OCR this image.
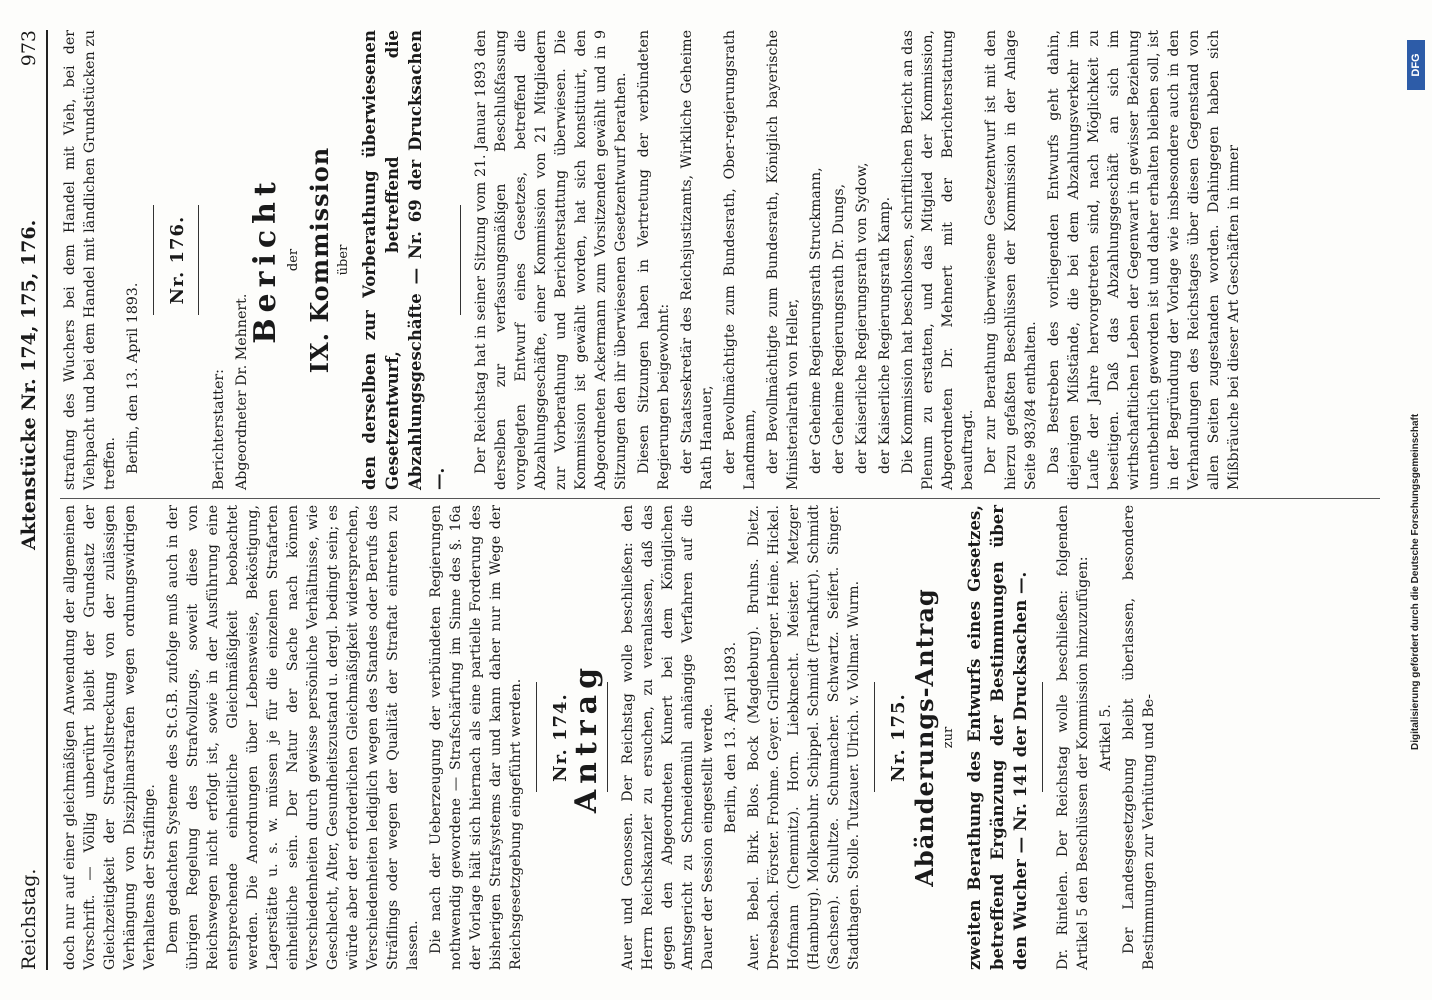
Reichstag.
Aktenstücke Nr. 174, 175, 176.
973

doch nur auf einer gleichmäßigen Anwendung der allgemeinen Vorschrift. — Völlig unberührt bleibt der Grundsatz der Gleichzeitigkeit der Strafvollstreckung von der zulässigen Verhängung von Disziplinarstrafen wegen ordnungswidrigen Verhaltens der Sträflinge. Dem gedachten Systeme des St.G.B. zufolge muß auch in der übrigen Regelung des Strafvollzugs, soweit diese von Reichswegen nicht erfolgt ist, sowie in der Ausführung eine entsprechende einheitliche Gleichmäßigkeit beobachtet werden. Die Anordnungen über Lebensweise, Beköstigung, Lagerstätte u. s. w. müssen je für die einzelnen Strafarten einheitliche sein. Der Natur der Sache nach können Verschiedenheiten durch gewisse persönliche Verhältnisse, wie Geschlecht, Alter, Gesundheitszustand u. dergl. bedingt sein; es würde aber der erforderlichen Gleichmäßigkeit widersprechen, Verschiedenheiten lediglich wegen des Standes oder Berufs des Sträflings oder wegen der Qualität der Straftat eintreten zu lassen. Die nach der Ueberzeugung der verbündeten Regierungen nothwendig gewordene — Strafschärfung im Sinne des §. 16a der Vorlage hält sich hiernach als eine partielle Forderung des bisherigen Strafsystems dar und kann daher nur im Wege der Reichsgesetzgebung eingeführt werden. Nr. 174.
Antrag Auer und Genossen. Der Reichstag wolle beschließen: den Herrn Reichskanzler zu ersuchen, zu veranlassen, daß das gegen den Abgeordneten Kunert bei dem Königlichen Amtsgericht zu Schneidemühl anhängige Verfahren auf die Dauer der Session eingestellt werde. Berlin, den 13. April 1893. Auer. Bebel. Birk. Blos. Bock (Magdeburg). Bruhns. Dietz. Dreesbach. Förster. Frohme. Geyer. Grillenberger. Heine. Hickel. Hofmann (Chemnitz). Horn. Liebknecht. Meister. Metzger (Hamburg). Molkenbuhr. Schippel. Schmidt (Frankfurt). Schmidt (Sachsen). Schultze. Schumacher. Schwartz. Seifert. Singer. Stadthagen. Stolle. Tutzauer. Ulrich. v. Vollmar. Wurm. Nr. 175. Abänderungs-Antrag zur zweiten Berathung des Entwurfs eines Gesetzes, betreffend Ergänzung der Bestimmungen über den Wucher — Nr. 141 der Drucksachen —. Dr. Rintelen. Der Reichstag wolle beschließen: folgenden Artikel 5 den Beschlüssen der Kommission hinzuzufügen: Artikel 5. Der Landesgesetzgebung bleibt überlassen, besondere Bestimmungen zur Verhütung und Be-

strafung des Wuchers bei dem Handel mit Vieh, bei der Viehpacht und bei dem Handel mit ländlichen Grundstücken zu treffen. Berlin, den 13. April 1893.

Nr. 176.

Berichterstatter: Abgeordneter Dr. Mehnert.

Bericht der IX. Kommission über den derselben zur Vorberathung überwiesenen Gesetzentwurf, betreffend die Abzahlungsgeschäfte — Nr. 69 der Drucksachen —.

Der Reichstag hat in seiner Sitzung vom 21. Januar 1893 den derselben zur verfassungsmäßigen Beschlußfassung vorgelegten Entwurf eines Gesetzes, betreffend die Abzahlungsgeschäfte, einer Kommission von 21 Mitgliedern zur Vorberathung und Berichterstattung überwiesen. Die Kommission ist gewählt worden, hat sich konstituirt, den Abgeordneten Ackermann zum Vorsitzenden gewählt und in 9 Sitzungen den ihr überwiesenen Gesetzentwurf berathen. Diesen Sitzungen haben in Vertretung der verbündeten Regierungen beigewohnt: der Staatssekretär des Reichsjustizamts, Wirkliche Geheime Rath Hanauer, der Bevollmächtigte zum Bundesrath, Ober-regierungsrath Landmann, der Bevollmächtigte zum Bundesrath, Königlich bayerische Ministerialrath von Heller, der Geheime Regierungsrath Struckmann, der Geheime Regierungsrath Dr. Dungs, der Kaiserliche Regierungsrath von Sydow, der Kaiserliche Regierungsrath Kamp. Die Kommission hat beschlossen, schriftlichen Bericht an das Plenum zu erstatten, und das Mitglied der Kommission, Abgeordneten Dr. Mehnert mit der Berichterstattung beauftragt. Der zur Berathung überwiesene Gesetzentwurf ist mit den hierzu gefaßten Beschlüssen der Kommission in der Anlage Seite 983/84 enthalten. Das Bestreben des vorliegenden Entwurfs geht dahin, diejenigen Mißstände, die bei dem Abzahlungsverkehr im Laufe der Jahre hervorgetreten sind, nach Möglichkeit zu beseitigen. Daß das Abzahlungsgeschäft an sich im wirthschaftlichen Leben der Gegenwart in gewisser Beziehung unentbehrlich geworden ist und daher erhalten bleiben soll, ist in der Begründung der Vorlage wie insbesondere auch in den Verhandlungen des Reichstages über diesen Gegenstand von allen Seiten zugestanden worden. Dahingegen haben sich Mißbräuche bei dieser Art Geschäften in immer

Digitalisierung gefördert durch die Deutsche Forschungsgemeinschaft
DFG
